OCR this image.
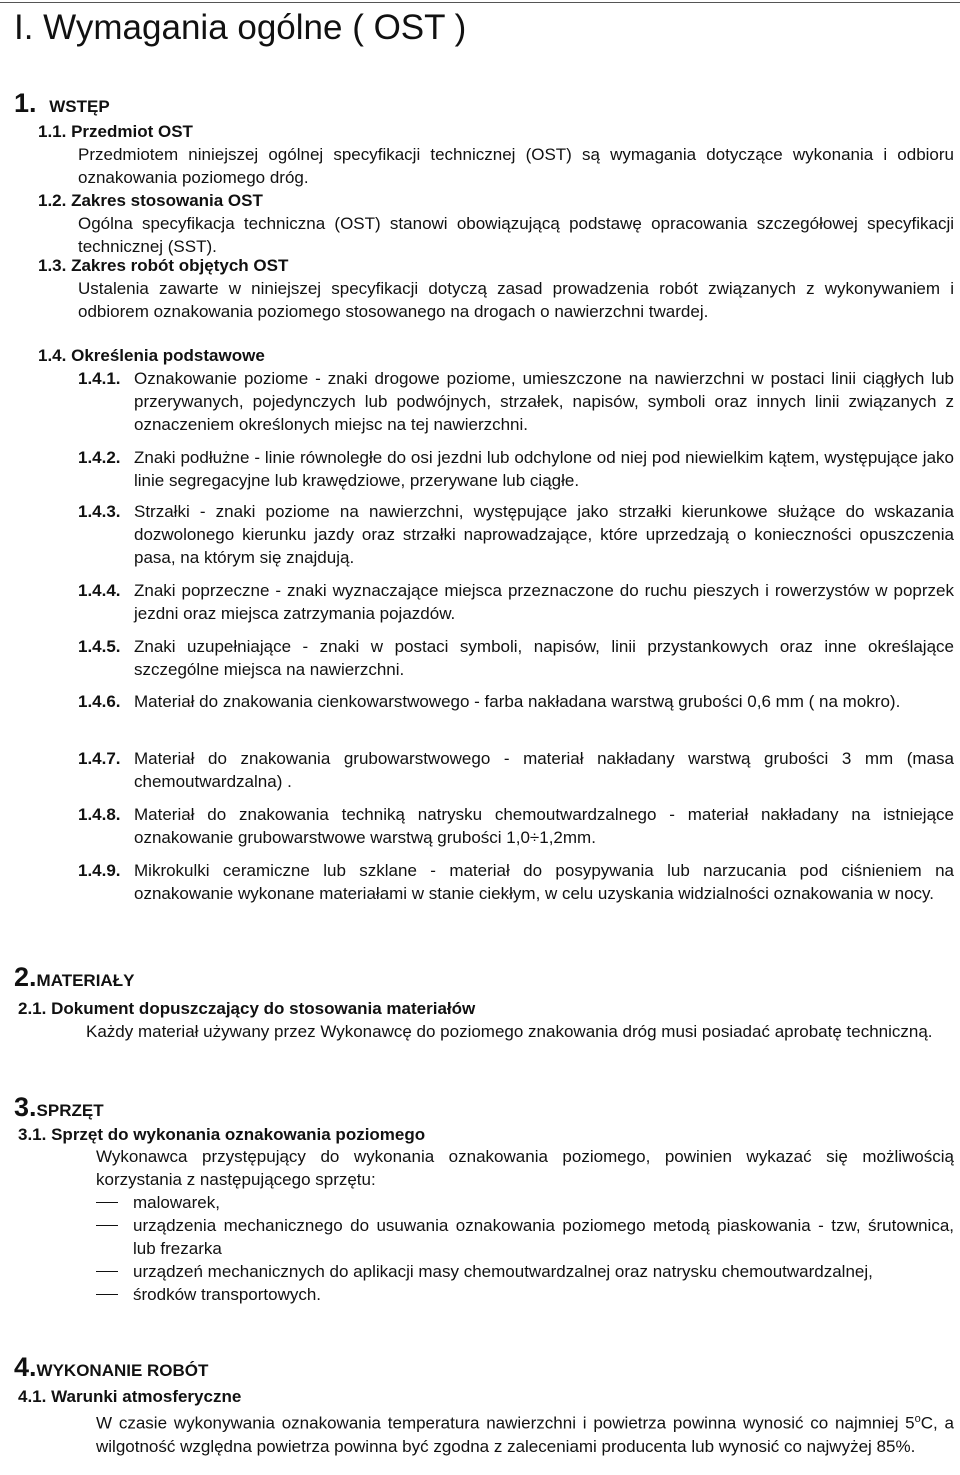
I. Wymagania ogólne ( OST )
1. WSTĘP
1.1. Przedmiot OST

Przedmiotem niniejszej ogólnej specyfikacji technicznej (OST) są wymagania dotyczące wykonania i odbioru oznakowania poziomego dróg.

1.2. Zakres stosowania OST

Ogólna specyfikacja techniczna (OST) stanowi obowiązującą podstawę opracowania szczegółowej specyfikacji technicznej (SST).

1.3. Zakres robót objętych OST

Ustalenia zawarte w niniejszej specyfikacji dotyczą zasad prowadzenia robót związanych z wykonywaniem i odbiorem oznakowania poziomego stosowanego na drogach o nawierzchni twardej.

1.4. Określenia podstawowe
1.4.1. Oznakowanie poziome - znaki drogowe poziome, umieszczone na nawierzchni w postaci linii ciągłych lub przerywanych, pojedynczych lub podwójnych, strzałek, napisów, symboli oraz innych linii związanych z oznaczeniem określonych miejsc na tej nawierzchni.
1.4.2. Znaki podłużne - linie równoległe do osi jezdni lub odchylone od niej pod niewielkim kątem, występujące jako linie segregacyjne lub krawędziowe, przerywane lub ciągłe.
1.4.3. Strzałki - znaki poziome na nawierzchni, występujące jako strzałki kierunkowe służące do wskazania dozwolonego kierunku jazdy oraz strzałki naprowadzające, które uprzedzają o konieczności opuszczenia pasa, na którym się znajdują.
1.4.4. Znaki poprzeczne - znaki wyznaczające miejsca przeznaczone do ruchu pieszych i rowerzystów w poprzek jezdni oraz miejsca zatrzymania pojazdów.
1.4.5. Znaki uzupełniające - znaki w postaci symboli, napisów, linii przystankowych oraz inne określające szczególne miejsca na nawierzchni.
1.4.6. Materiał do znakowania cienkowarstwowego - farba nakładana warstwą grubości 0,6 mm ( na mokro).
1.4.7. Materiał do znakowania grubowarstwowego - materiał nakładany warstwą grubości 3 mm (masa chemoutwardzalna) .
1.4.8. Materiał do znakowania techniką natrysku chemoutwardzalnego - materiał nakładany na istniejące oznakowanie grubowarstwowe warstwą grubości 1,0÷1,2mm.
1.4.9. Mikrokulki ceramiczne lub szklane - materiał do posypywania lub narzucania pod ciśnieniem na oznakowanie wykonane materiałami w stanie ciekłym, w celu uzyskania widzialności oznakowania w nocy.
2.MATERIAŁY
2.1. Dokument dopuszczający do stosowania materiałów

Każdy materiał używany przez Wykonawcę do poziomego znakowania dróg musi posiadać aprobatę techniczną.

3.SPRZĘT
3.1. Sprzęt do wykonania oznakowania poziomego

Wykonawca przystępujący do wykonania oznakowania poziomego, powinien wykazać się możliwością korzystania z następującego sprzętu:

malowarek,
urządzenia mechanicznego do usuwania oznakowania poziomego metodą piaskowania - tzw, śrutownica, lub frezarka
urządzeń mechanicznych do aplikacji masy chemoutwardzalnej oraz natrysku chemoutwardzalnej,
środków transportowych.
4.WYKONANIE ROBÓT
4.1. Warunki atmosferyczne

W czasie wykonywania oznakowania temperatura nawierzchni i powietrza powinna wynosić co najmniej 5$^o$C, a wilgotność względna powietrza powinna być zgodna z zaleceniami producenta lub wynosić co najwyżej 85%.
